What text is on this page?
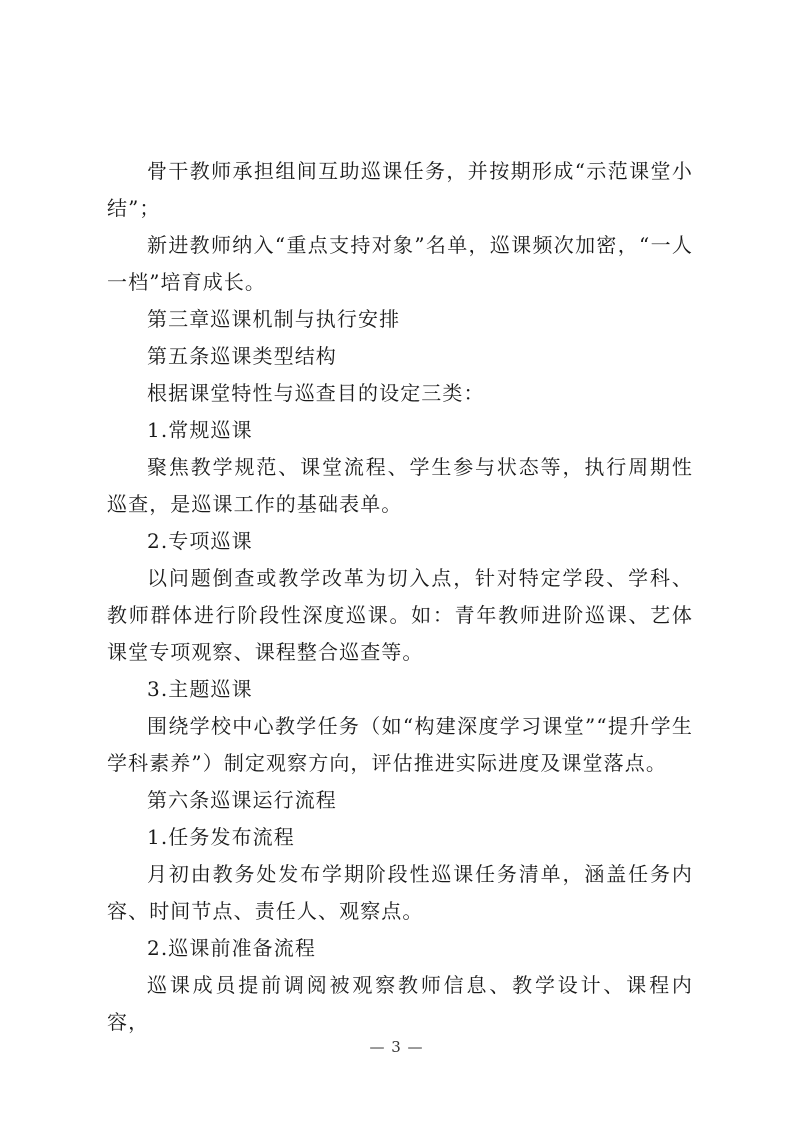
骨干教师承担组间互助巡课任务，并按期形成“示范课堂小结”；

新进教师纳入“重点支持对象”名单，巡课频次加密，“一人一档”培育成长。

第三章巡课机制与执行安排

第五条巡课类型结构

根据课堂特性与巡查目的设定三类：

1.常规巡课

聚焦教学规范、课堂流程、学生参与状态等，执行周期性巡查，是巡课工作的基础表单。

2.专项巡课

以问题倒查或教学改革为切入点，针对特定学段、学科、教师群体进行阶段性深度巡课。如：青年教师进阶巡课、艺体课堂专项观察、课程整合巡查等。

3.主题巡课

围绕学校中心教学任务（如“构建深度学习课堂”“提升学生学科素养”）制定观察方向，评估推进实际进度及课堂落点。

第六条巡课运行流程

1.任务发布流程

月初由教务处发布学期阶段性巡课任务清单，涵盖任务内容、时间节点、责任人、观察点。

2.巡课前准备流程

巡课成员提前调阅被观察教师信息、教学设计、课程内容，

— 3 —
